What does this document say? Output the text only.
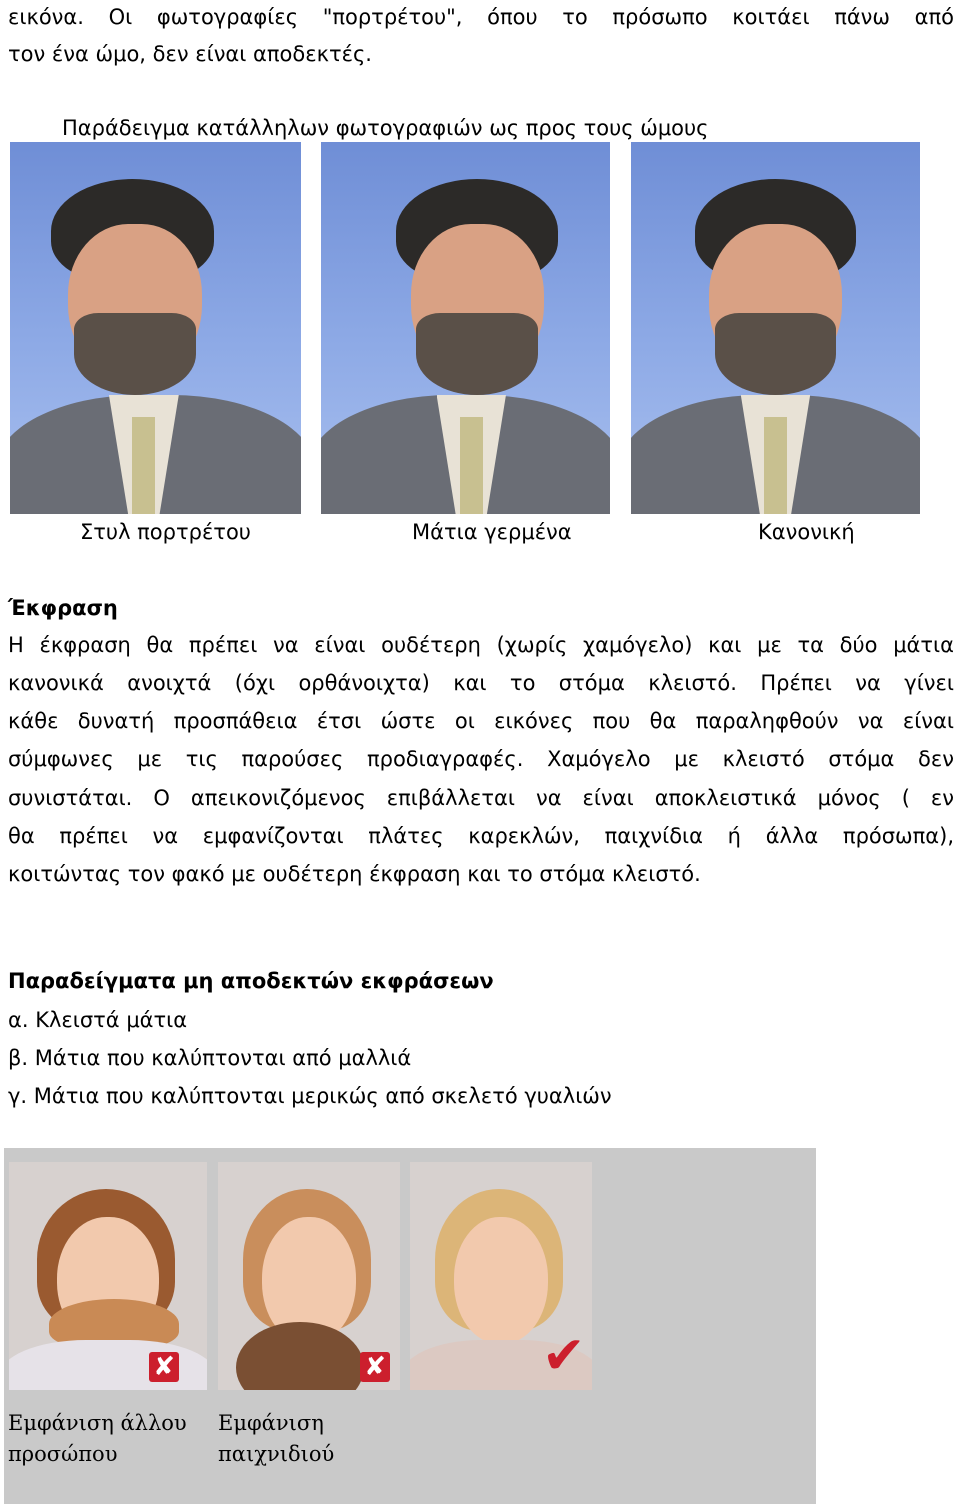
εικόνα. Οι φωτογραφίες "πορτρέτου", όπου το πρόσωπο κοιτάει πάνω από
τον ένα ώμο, δεν είναι αποδεκτές.
Παράδειγμα κατάλληλων φωτογραφιών ως προς τους ώμους
Στυλ πορτρέτου	Μάτια γερμένα	Κανονική
Έκφραση
Η έκφραση θα πρέπει να είναι ουδέτερη (χωρίς χαμόγελο) και με τα δύο μάτια
κανονικά ανοιχτά (όχι ορθάνοιχτα) και το στόμα κλειστό. Πρέπει να γίνει
κάθε δυνατή προσπάθεια έτσι ώστε οι εικόνες που θα παραληφθούν να είναι
σύμφωνες με τις παρούσες προδιαγραφές. Χαμόγελο με κλειστό στόμα δεν
συνιστάται. Ο απεικονιζόμενος επιβάλλεται να είναι αποκλειστικά μόνος ( εν
θα πρέπει να εμφανίζονται πλάτες καρεκλών, παιχνίδια ή άλλα πρόσωπα),
κοιτώντας τον φακό με ουδέτερη έκφραση και το στόμα κλειστό.
Παραδείγματα μη αποδεκτών εκφράσεων
α. Κλειστά μάτια
β. Μάτια που καλύπτονται από μαλλιά
γ. Μάτια που καλύπτονται μερικώς από σκελετό γυαλιών
✘	✘	✔
Εμφάνιση άλλου
προσώπου
Εμφάνιση
παιχνιδιού
